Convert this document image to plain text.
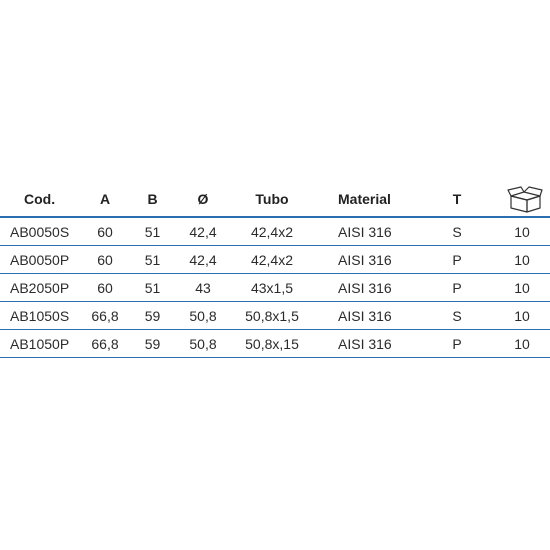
Cod.	A	B	Ø	Tubo	Material	T
AB0050S	60	51	42,4	42,4x2	AISI 316	S	10
AB0050P	60	51	42,4	42,4x2	AISI 316	P	10
AB2050P	60	51	43	43x1,5	AISI 316	P	10
AB1050S	66,8	59	50,8	50,8x1,5	AISI 316	S	10
AB1050P	66,8	59	50,8	50,8x,15	AISI 316	P	10
